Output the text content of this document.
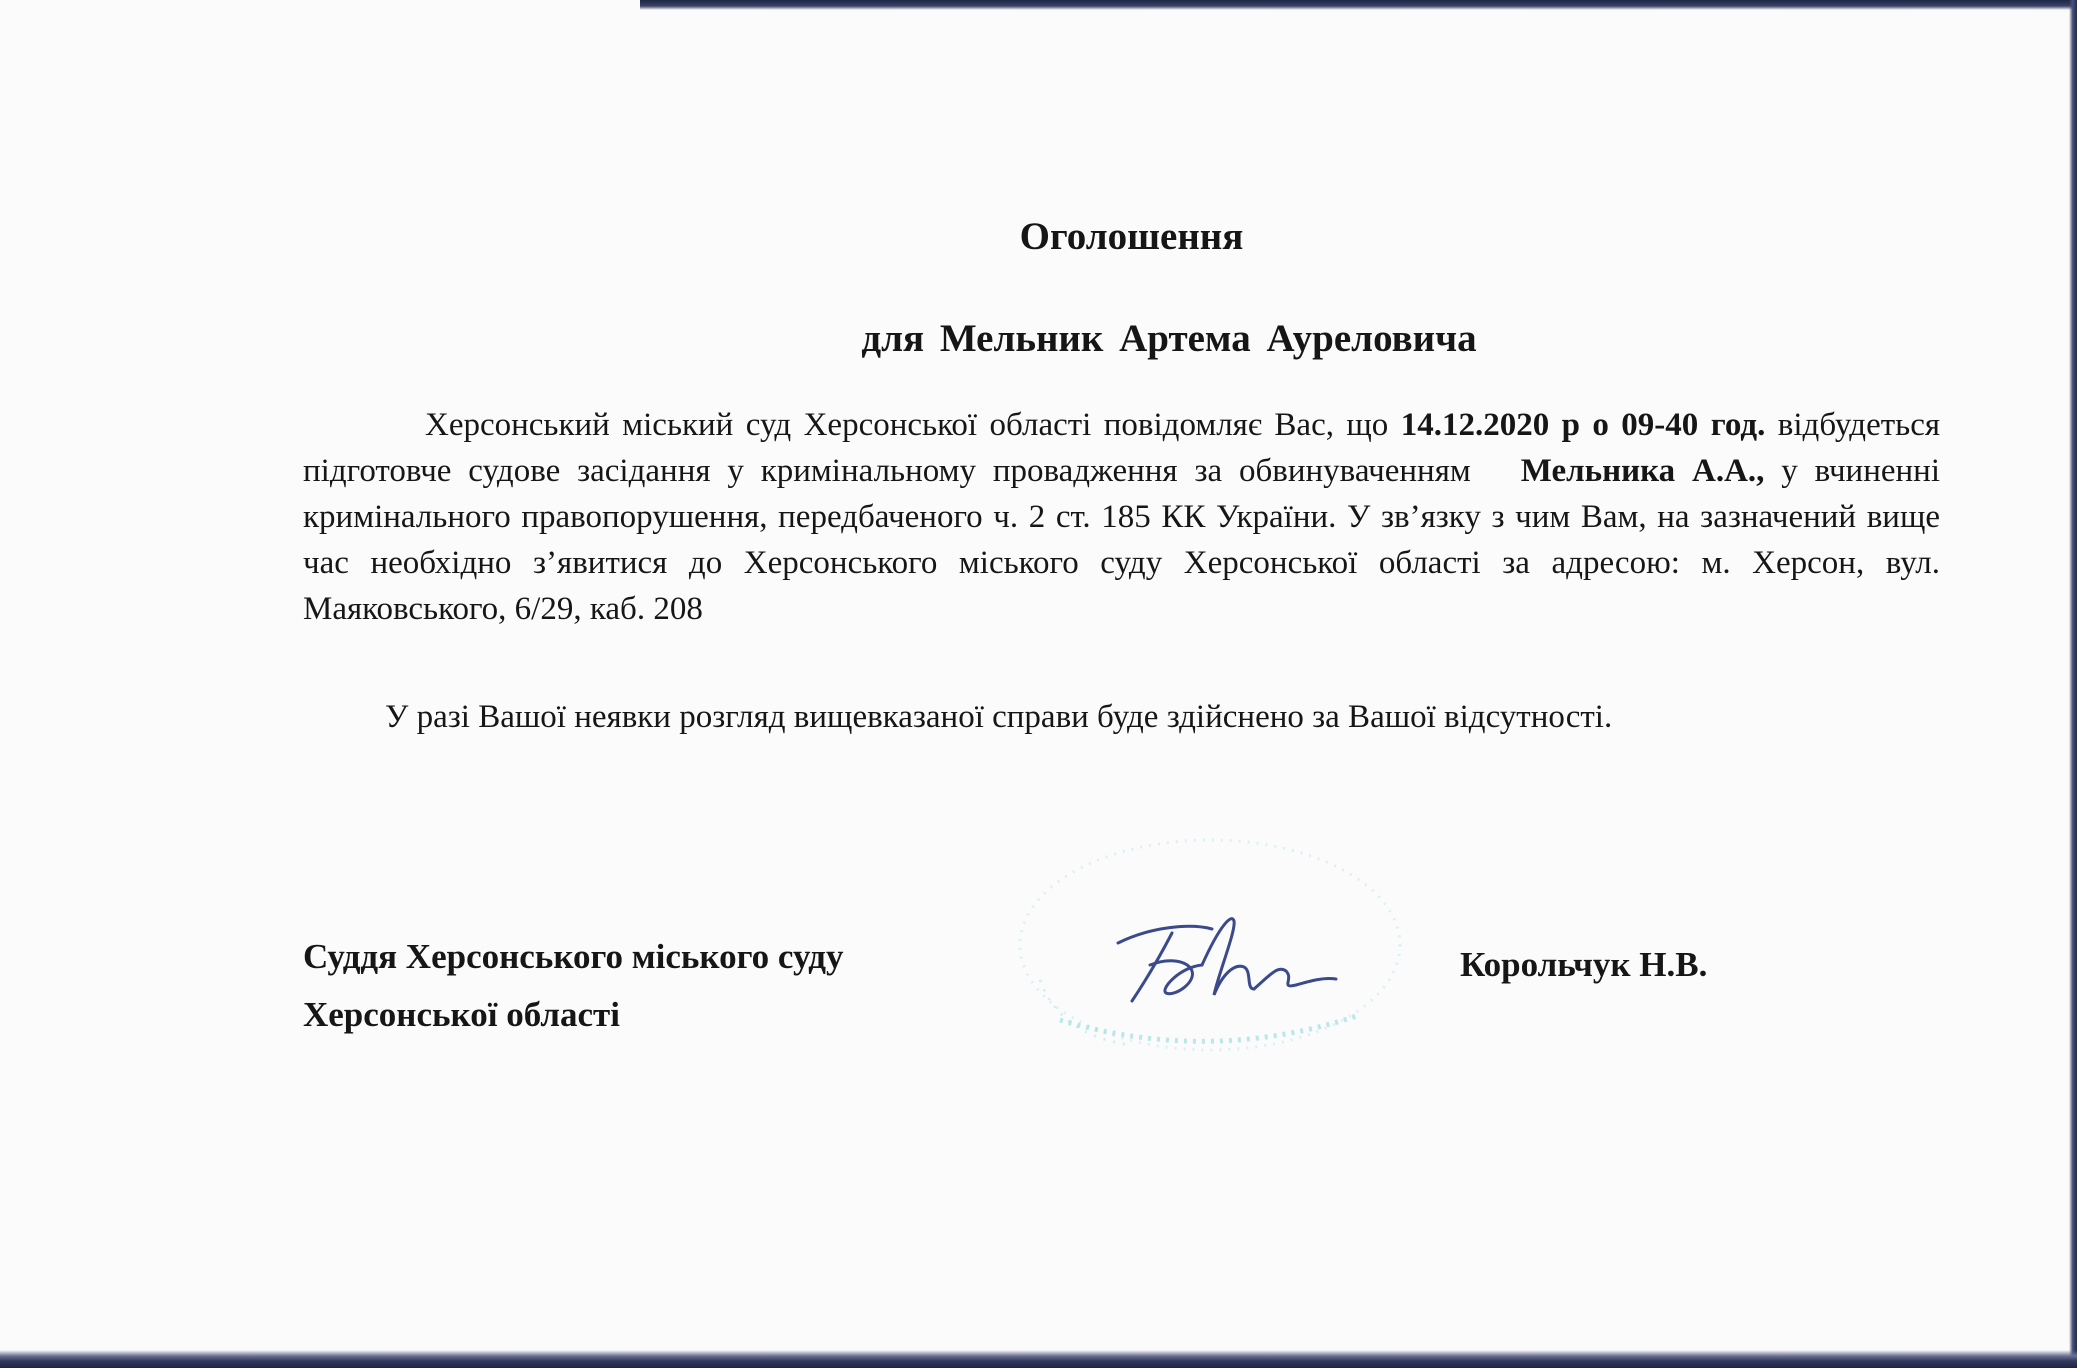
Оголошення
для Мельник Артема Ауреловича

Херсонський міський суд Херсонської області повідомляє Вас, що 14.12.2020 р о 09-40 год. відбудеться підготовче судове засідання у кримінальному провадження за обвинуваченням Мельника А.А., у вчиненні кримінального правопорушення, передбаченого ч. 2 ст. 185 КК України. У зв’язку з чим Вам, на зазначений вище час необхідно з’явитися до Херсонського міського суду Херсонської області за адресою: м. Херсон, вул. Маяковського, 6/29, каб. 208

У разі Вашої неявки розгляд вищевказаної справи буде здійснено за Вашої відсутності.

Суддя Херсонського міського суду
Херсонської області
Корольчук Н.В.
